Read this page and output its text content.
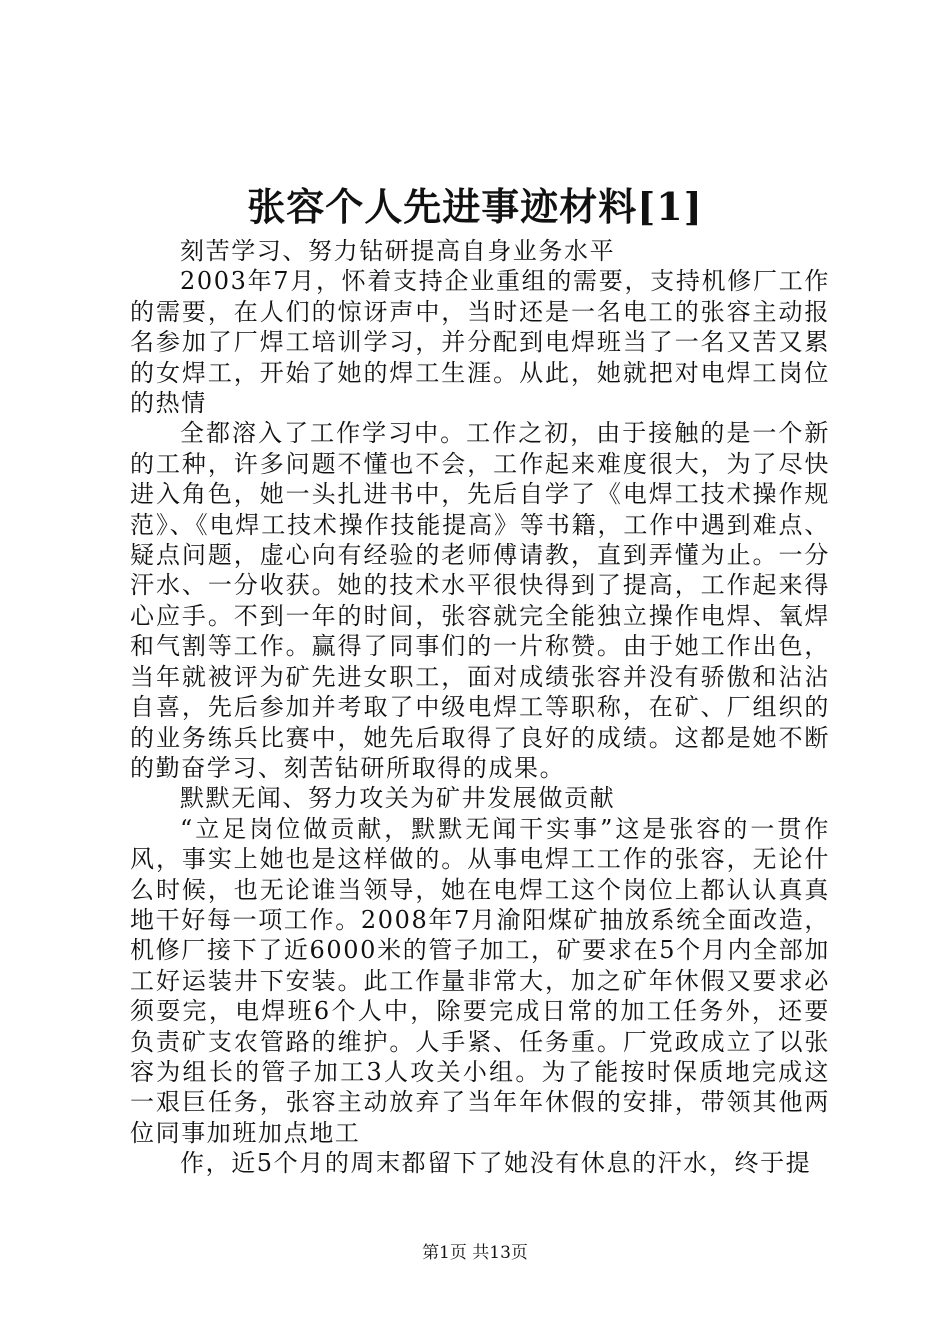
张容个人先进事迹材料[1]

刻苦学习、努力钻研提高自身业务水平

2003年7月，怀着支持企业重组的需要，支持机修厂工作的需要，在人们的惊讶声中，当时还是一名电工的张容主动报名参加了厂焊工培训学习，并分配到电焊班当了一名又苦又累的女焊工，开始了她的焊工生涯。从此，她就把对电焊工岗位的热情

全都溶入了工作学习中。工作之初，由于接触的是一个新的工种，许多问题不懂也不会，工作起来难度很大，为了尽快进入角色，她一头扎进书中，先后自学了《电焊工技术操作规范》、《电焊工技术操作技能提高》等书籍，工作中遇到难点、疑点问题，虚心向有经验的老师傅请教，直到弄懂为止。一分汗水、一分收获。她的技术水平很快得到了提高，工作起来得心应手。不到一年的时间，张容就完全能独立操作电焊、氧焊和气割等工作。赢得了同事们的一片称赞。由于她工作出色，当年就被评为矿先进女职工，面对成绩张容并没有骄傲和沾沾自喜，先后参加并考取了中级电焊工等职称，在矿、厂组织的的业务练兵比赛中，她先后取得了良好的成绩。这都是她不断的勤奋学习、刻苦钻研所取得的成果。

默默无闻、努力攻关为矿井发展做贡献

“立足岗位做贡献，默默无闻干实事”这是张容的一贯作风，事实上她也是这样做的。从事电焊工工作的张容，无论什么时候，也无论谁当领导，她在电焊工这个岗位上都认认真真地干好每一项工作。2008年7月渝阳煤矿抽放系统全面改造，机修厂接下了近6000米的管子加工，矿要求在5个月内全部加工好运装井下安装。此工作量非常大，加之矿年休假又要求必须耍完，电焊班6个人中，除要完成日常的加工任务外，还要负责矿支农管路的维护。人手紧、任务重。厂党政成立了以张容为组长的管子加工3人攻关小组。为了能按时保质地完成这一艰巨任务，张容主动放弃了当年年休假的安排，带领其他两位同事加班加点地工

作，近5个月的周末都留下了她没有休息的汗水，终于提

第1页 共13页
